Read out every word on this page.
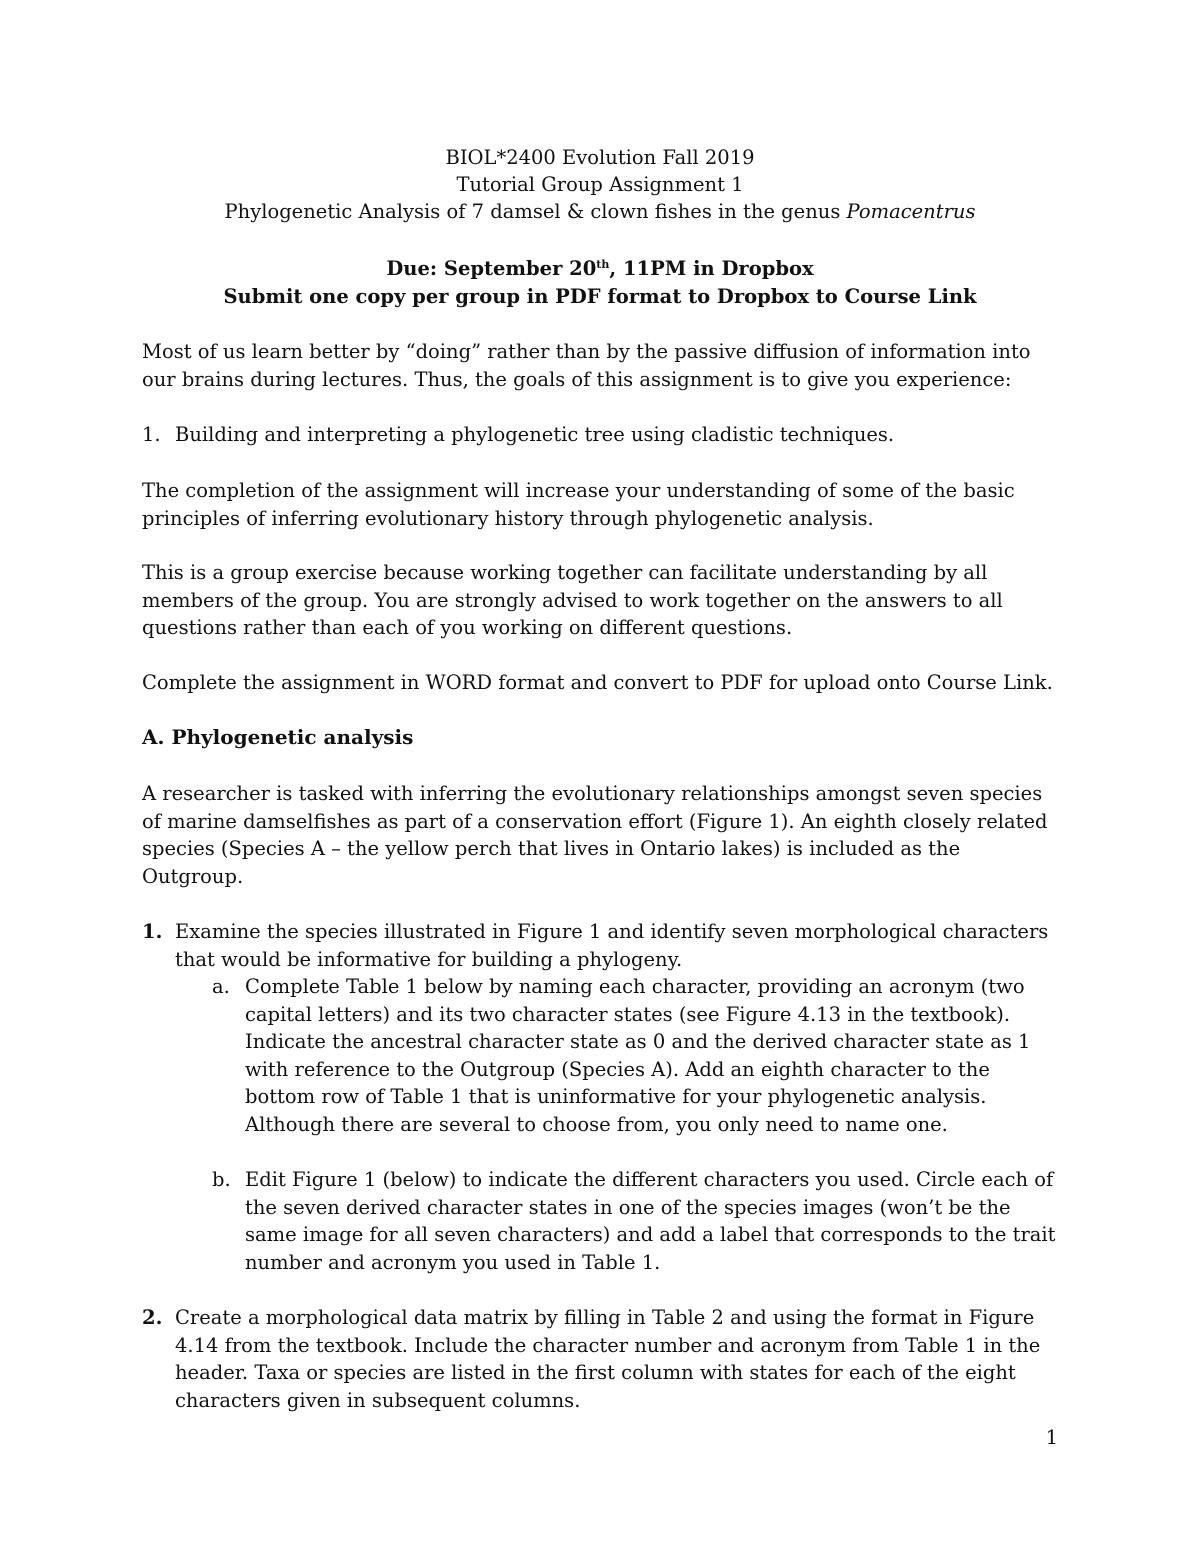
BIOL*2400 Evolution Fall 2019
Tutorial Group Assignment 1
Phylogenetic Analysis of 7 damsel & clown fishes in the genus Pomacentrus
Due: September 20th, 11PM in Dropbox
Submit one copy per group in PDF format to Dropbox to Course Link

Most of us learn better by “doing” rather than by the passive diffusion of information into our brains during lectures. Thus, the goals of this assignment is to give you experience:

1. Building and interpreting a phylogenetic tree using cladistic techniques.

The completion of the assignment will increase your understanding of some of the basic principles of inferring evolutionary history through phylogenetic analysis.

This is a group exercise because working together can facilitate understanding by all members of the group. You are strongly advised to work together on the answers to all questions rather than each of you working on different questions.

Complete the assignment in WORD format and convert to PDF for upload onto Course Link.

A. Phylogenetic analysis

A researcher is tasked with inferring the evolutionary relationships amongst seven species of marine damselfishes as part of a conservation effort (Figure 1). An eighth closely related species (Species A – the yellow perch that lives in Ontario lakes) is included as the Outgroup.

1. Examine the species illustrated in Figure 1 and identify seven morphological characters that would be informative for building a phylogeny.

a. Complete Table 1 below by naming each character, providing an acronym (two capital letters) and its two character states (see Figure 4.13 in the textbook). Indicate the ancestral character state as 0 and the derived character state as 1 with reference to the Outgroup (Species A). Add an eighth character to the bottom row of Table 1 that is uninformative for your phylogenetic analysis. Although there are several to choose from, you only need to name one.

b. Edit Figure 1 (below) to indicate the different characters you used. Circle each of the seven derived character states in one of the species images (won’t be the same image for all seven characters) and add a label that corresponds to the trait number and acronym you used in Table 1.

2. Create a morphological data matrix by filling in Table 2 and using the format in Figure 4.14 from the textbook. Include the character number and acronym from Table 1 in the header. Taxa or species are listed in the first column with states for each of the eight characters given in subsequent columns.

1
